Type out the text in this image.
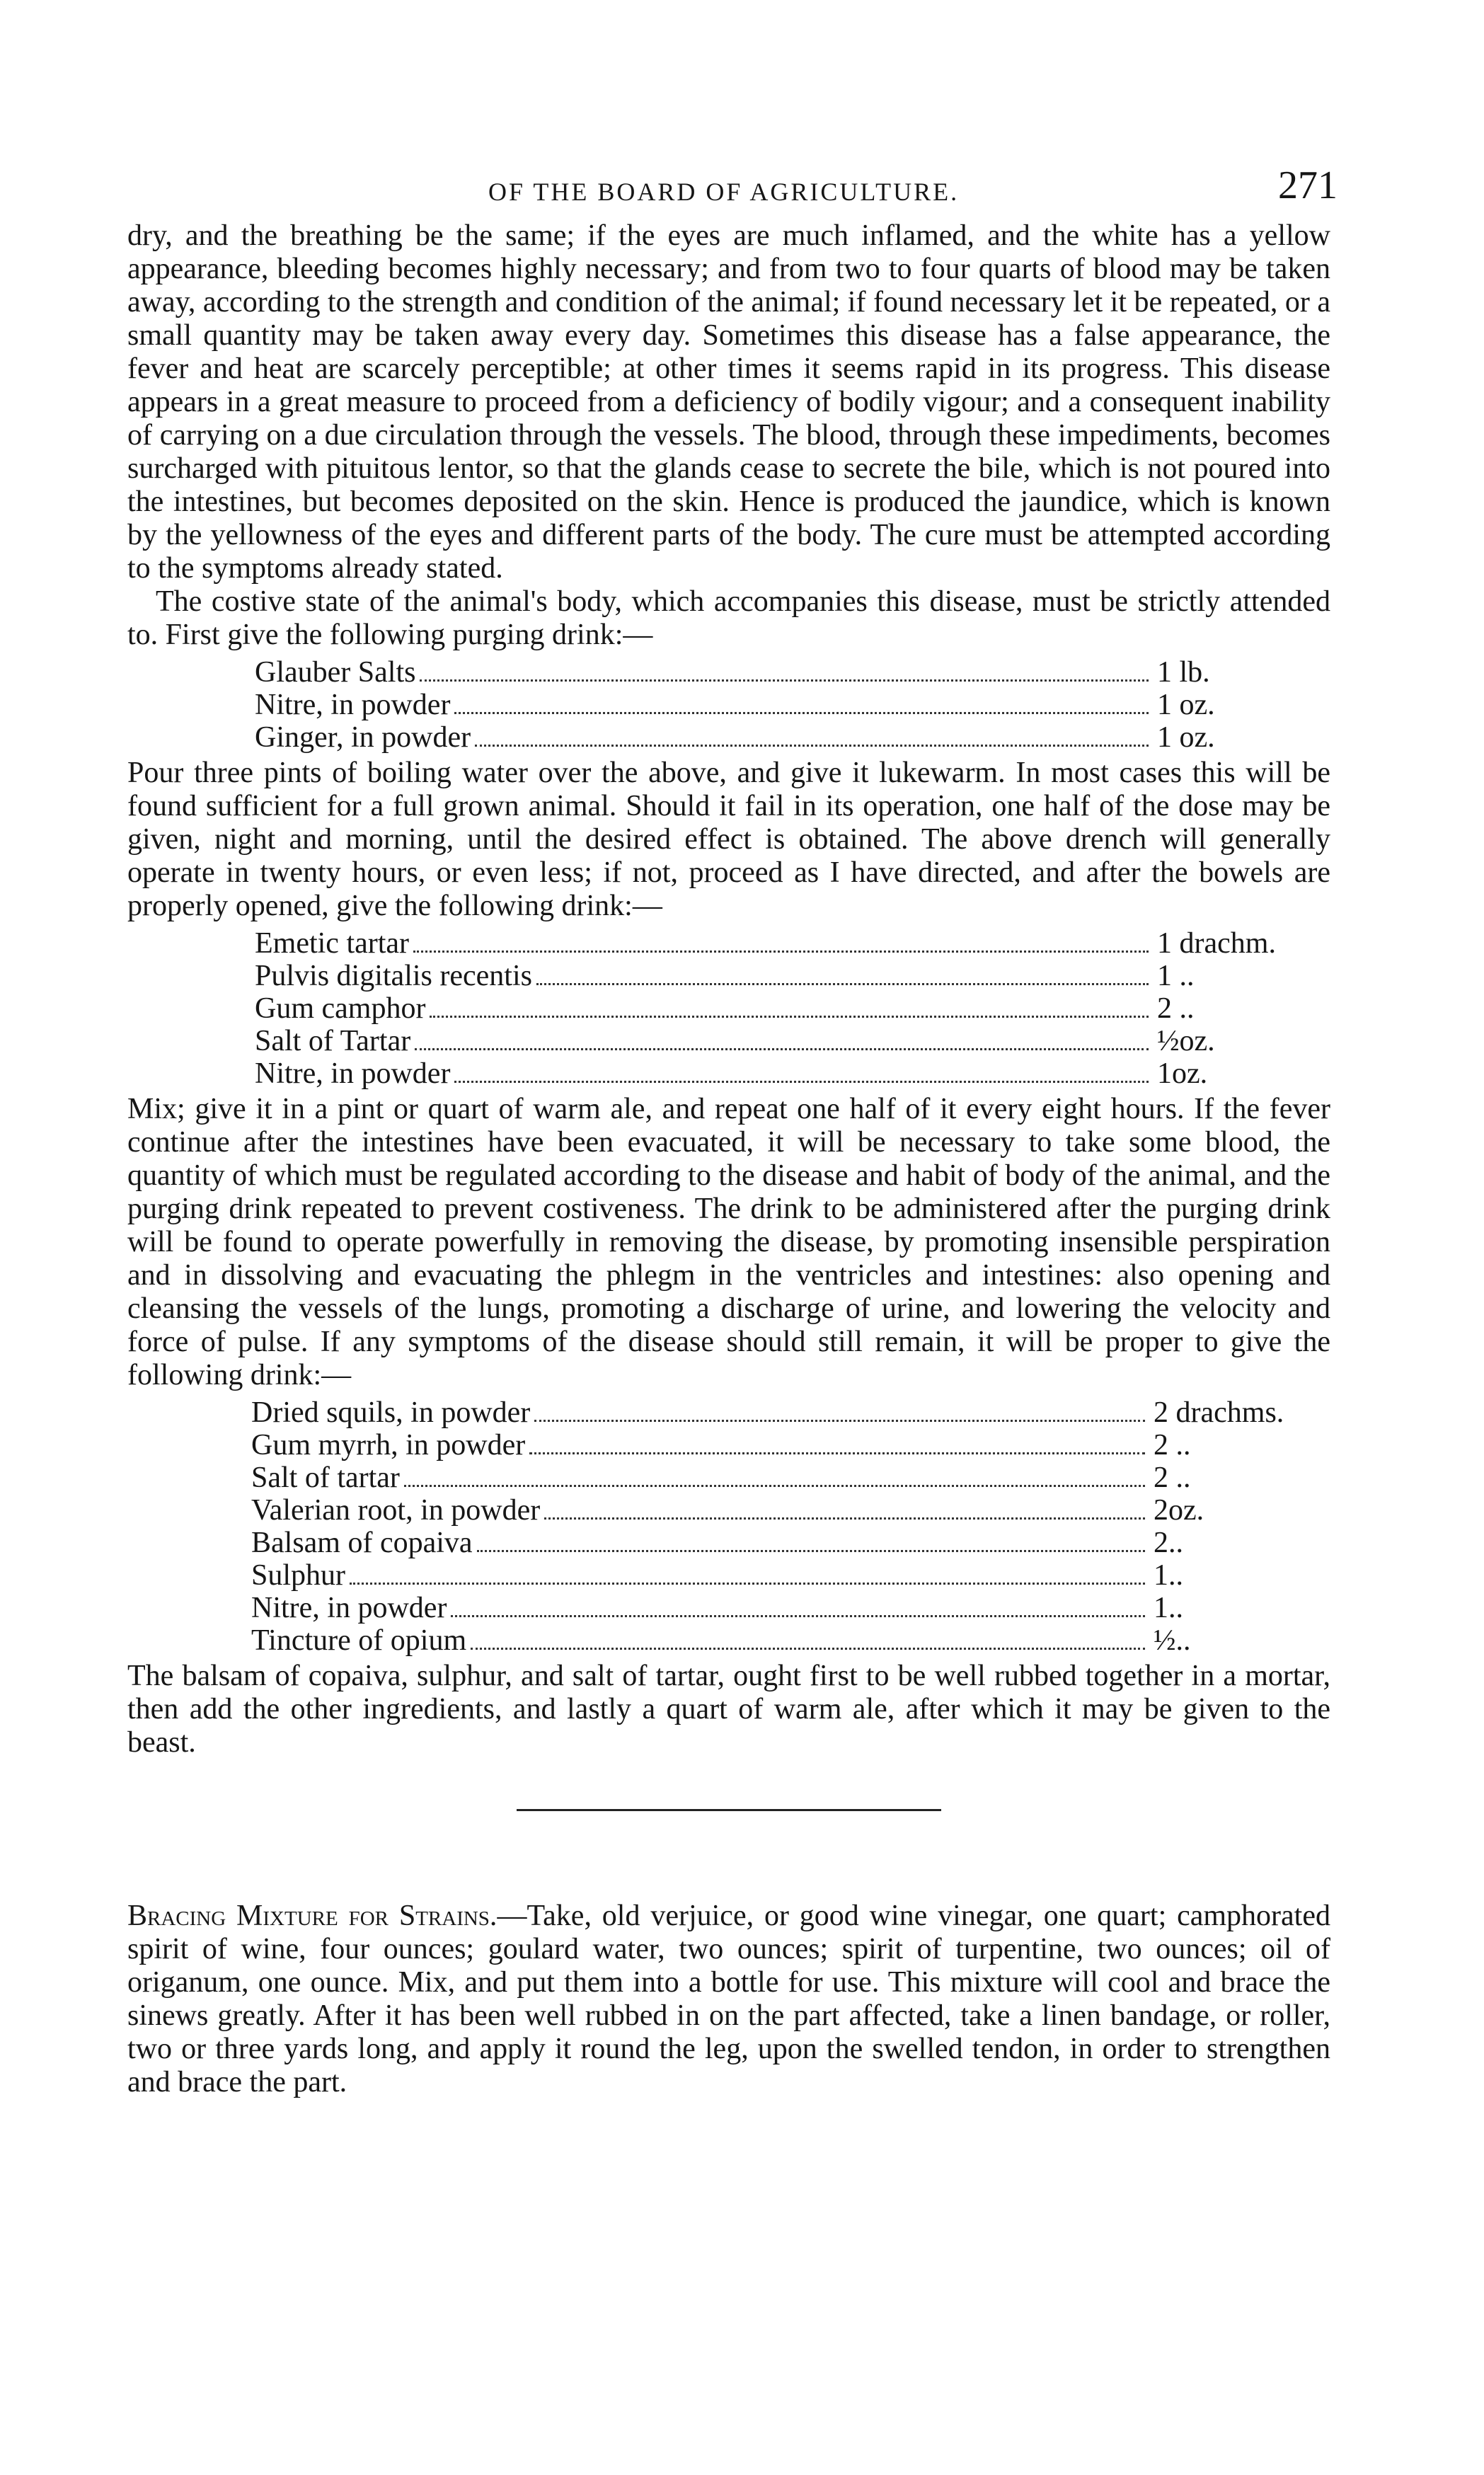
OF THE BOARD OF AGRICULTURE.	271

dry, and the breathing be the same; if the eyes are much inflamed, and the white has a yellow appearance, bleeding becomes highly necessary; and from two to four quarts of blood may be taken away, according to the strength and condition of the animal; if found necessary let it be repeated, or a small quantity may be taken away every day. Sometimes this disease has a false appearance, the fever and heat are scarcely perceptible; at other times it seems rapid in its progress. This disease appears in a great measure to proceed from a deficiency of bodily vigour; and a consequent inability of carrying on a due circulation through the vessels. The blood, through these impediments, becomes surcharged with pituitous lentor, so that the glands cease to secrete the bile, which is not poured into the intestines, but becomes deposited on the skin. Hence is produced the jaundice, which is known by the yellowness of the eyes and different parts of the body. The cure must be attempted according to the symptoms already stated.

The costive state of the animal's body, which accompanies this disease, must be strictly attended to. First give the following purging drink:—

Glauber Salts	1 lb.
Nitre, in powder	1 oz.
Ginger, in powder	1 oz.

Pour three pints of boiling water over the above, and give it lukewarm. In most cases this will be found sufficient for a full grown animal. Should it fail in its operation, one half of the dose may be given, night and morning, until the desired effect is obtained. The above drench will generally operate in twenty hours, or even less; if not, proceed as I have directed, and after the bowels are properly opened, give the following drink:—

Emetic tartar	1 drachm.
Pulvis digitalis recentis	1 ..
Gum camphor	2 ..
Salt of Tartar	½oz.
Nitre, in powder	1oz.

Mix; give it in a pint or quart of warm ale, and repeat one half of it every eight hours. If the fever continue after the intestines have been evacuated, it will be necessary to take some blood, the quantity of which must be regulated according to the disease and habit of body of the animal, and the purging drink repeated to prevent costiveness. The drink to be administered after the purging drink will be found to operate powerfully in removing the disease, by promoting insensible perspiration and in dissolving and evacuating the phlegm in the ventricles and intestines: also opening and cleansing the vessels of the lungs, promoting a discharge of urine, and lowering the velocity and force of pulse. If any symptoms of the disease should still remain, it will be proper to give the following drink:—

Dried squils, in powder	2 drachms.
Gum myrrh, in powder	2 ..
Salt of tartar	2 ..
Valerian root, in powder	2oz.
Balsam of copaiva	2..
Sulphur	1..
Nitre, in powder	1..
Tincture of opium	½..

The balsam of copaiva, sulphur, and salt of tartar, ought first to be well rubbed together in a mortar, then add the other ingredients, and lastly a quart of warm ale, after which it may be given to the beast.

Bracing Mixture for Strains.—Take, old verjuice, or good wine vinegar, one quart; camphorated spirit of wine, four ounces; goulard water, two ounces; spirit of turpentine, two ounces; oil of origanum, one ounce. Mix, and put them into a bottle for use. This mixture will cool and brace the sinews greatly. After it has been well rubbed in on the part affected, take a linen bandage, or roller, two or three yards long, and apply it round the leg, upon the swelled tendon, in order to strengthen and brace the part.
